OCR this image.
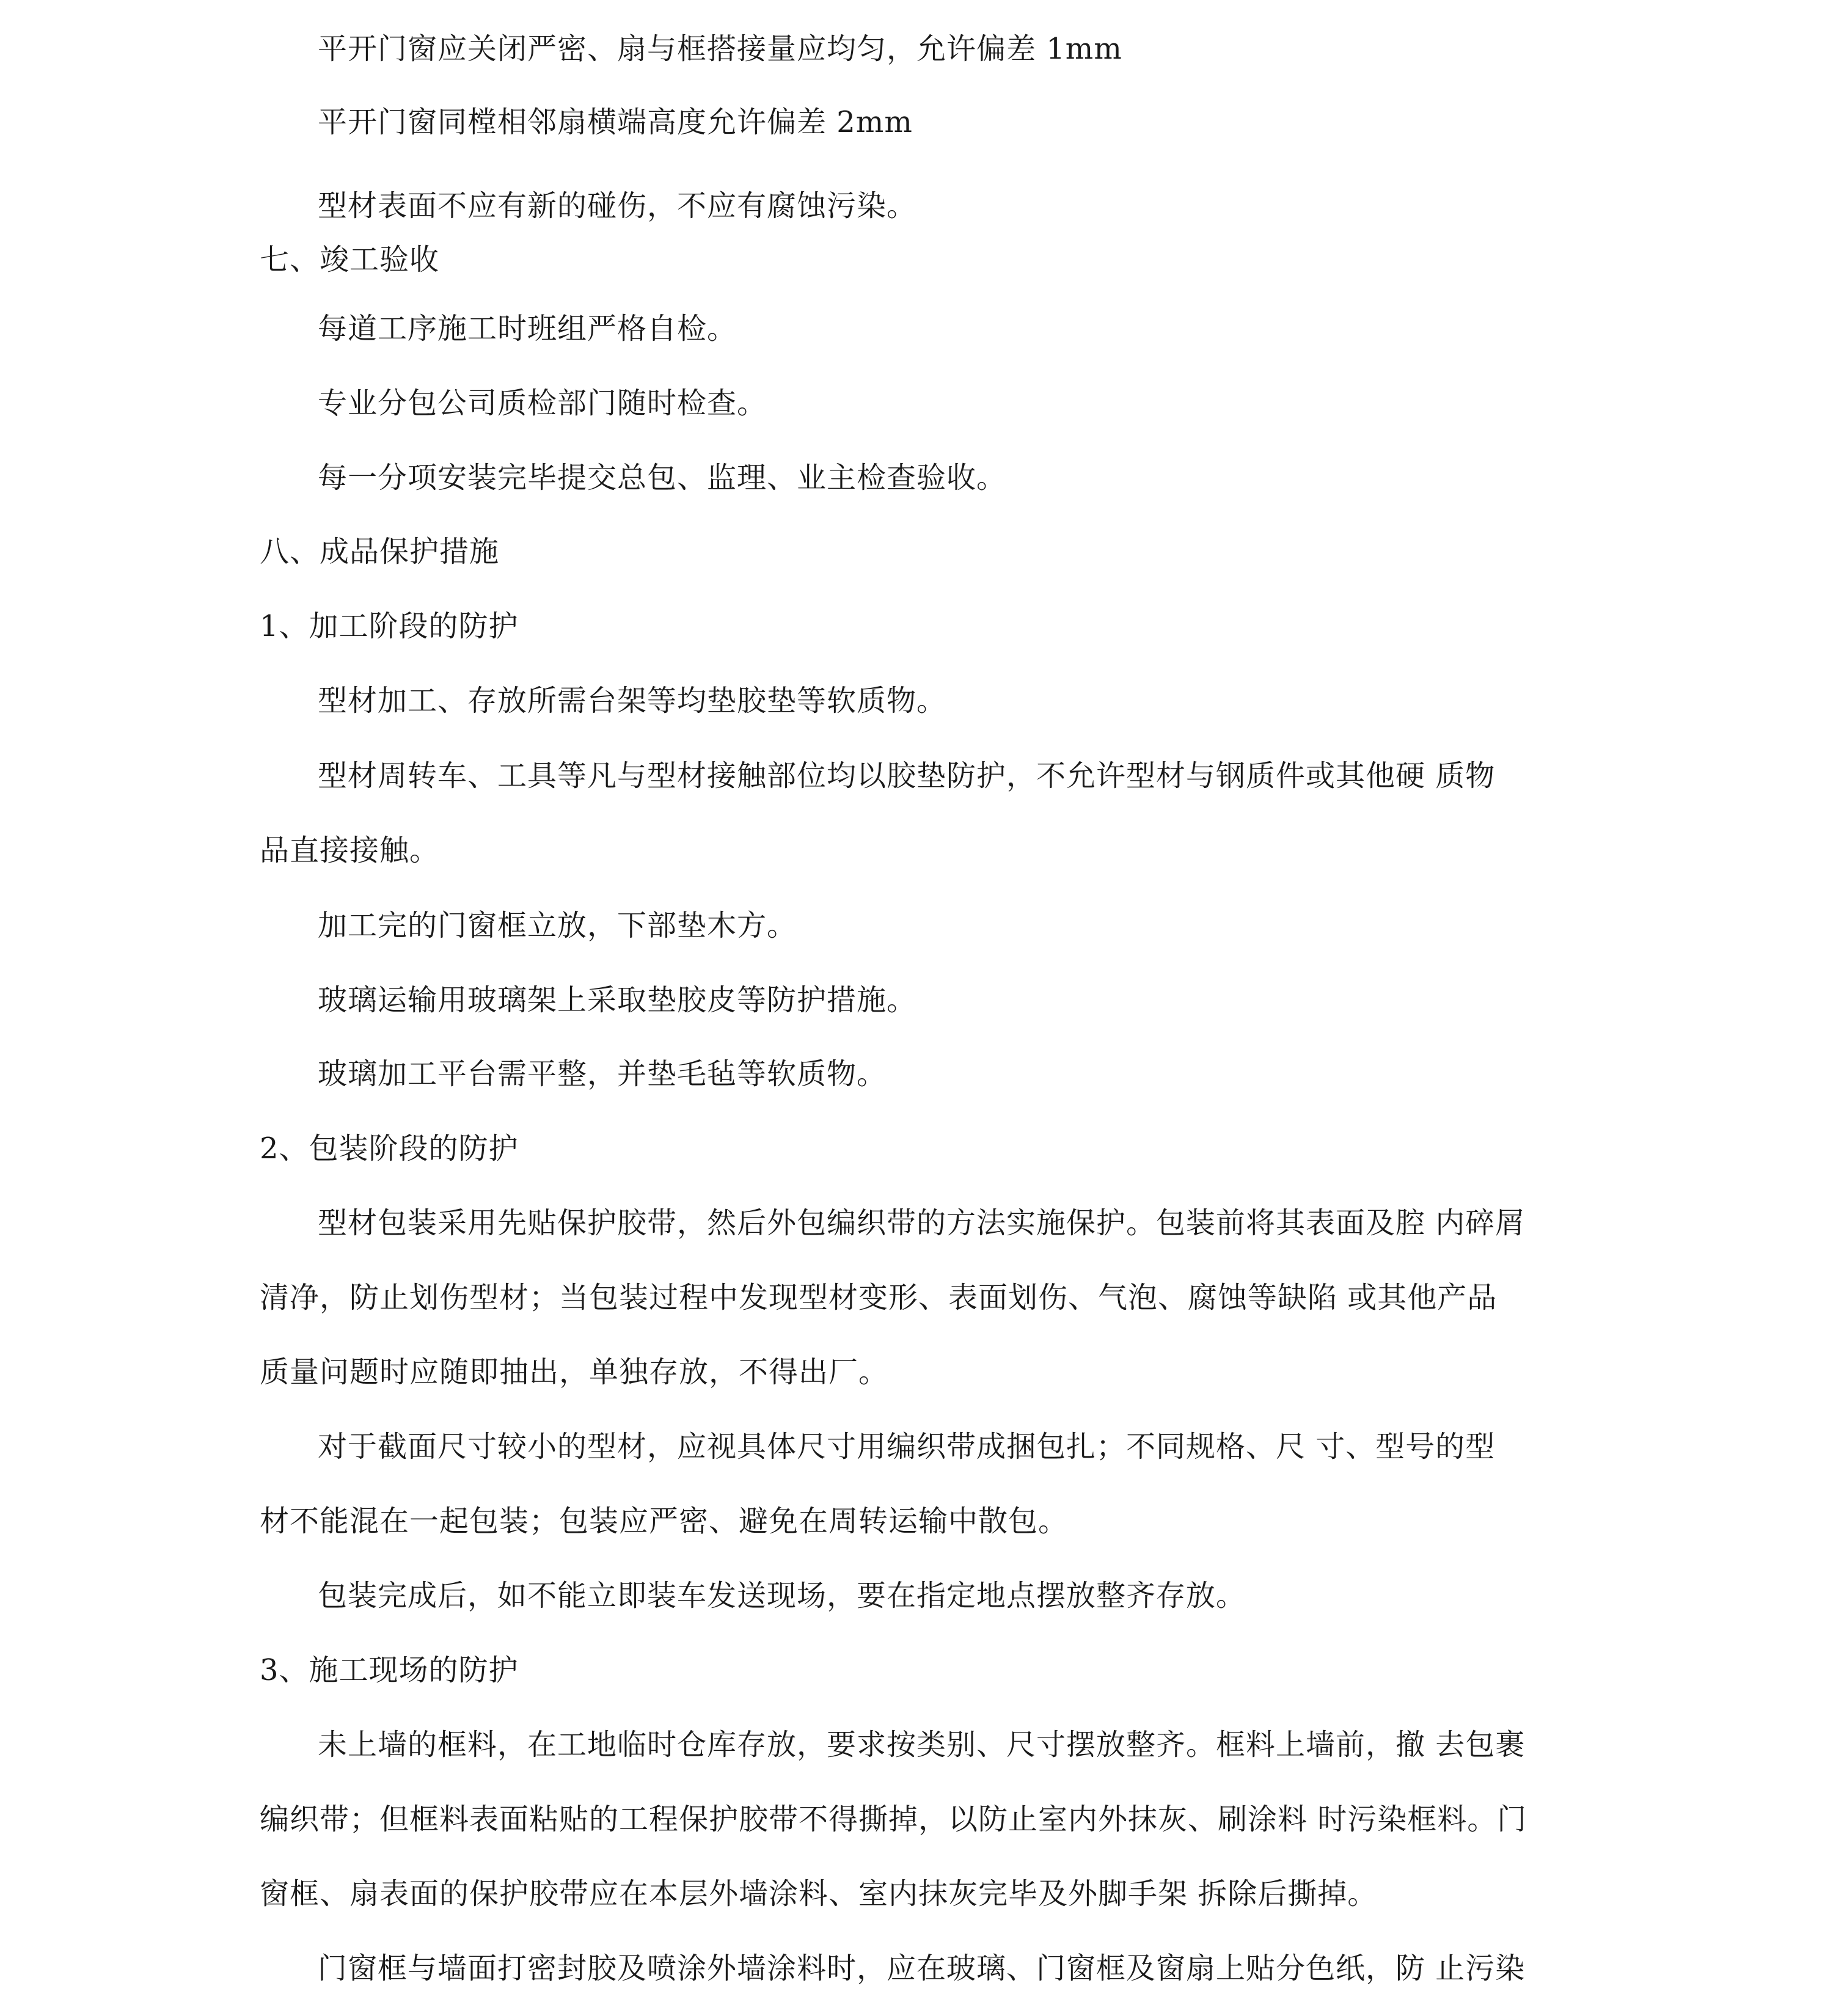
平开门窗应关闭严密、扇与框搭接量应均匀，允许偏差 1mm
平开门窗同樘相邻扇横端高度允许偏差 2mm
型材表面不应有新的碰伤，不应有腐蚀污染。
七、竣工验收
每道工序施工时班组严格自检。
专业分包公司质检部门随时检查。
每一分项安装完毕提交总包、监理、业主检查验收。
八、成品保护措施
1、加工阶段的防护
型材加工、存放所需台架等均垫胶垫等软质物。
型材周转车、工具等凡与型材接触部位均以胶垫防护，不允许型材与钢质件或其他硬 质物
品直接接触。
加工完的门窗框立放，下部垫木方。
玻璃运输用玻璃架上采取垫胶皮等防护措施。
玻璃加工平台需平整，并垫毛毡等软质物。
2、包装阶段的防护
型材包装采用先贴保护胶带，然后外包编织带的方法实施保护。包装前将其表面及腔 内碎屑
清净，防止划伤型材；当包装过程中发现型材变形、表面划伤、气泡、腐蚀等缺陷 或其他产品
质量问题时应随即抽出，单独存放，不得出厂。
对于截面尺寸较小的型材，应视具体尺寸用编织带成捆包扎；不同规格、尺 寸、型号的型
材不能混在一起包装；包装应严密、避免在周转运输中散包。
包装完成后，如不能立即装车发送现场，要在指定地点摆放整齐存放。
3、施工现场的防护
未上墙的框料，在工地临时仓库存放，要求按类别、尺寸摆放整齐。框料上墙前，撤 去包裹
编织带；但框料表面粘贴的工程保护胶带不得撕掉，以防止室内外抹灰、刷涂料 时污染框料。门
窗框、扇表面的保护胶带应在本层外墙涂料、室内抹灰完毕及外脚手架 拆除后撕掉。
门窗框与墙面打密封胶及喷涂外墙涂料时，应在玻璃、门窗框及窗扇上贴分色纸，防 止污染
